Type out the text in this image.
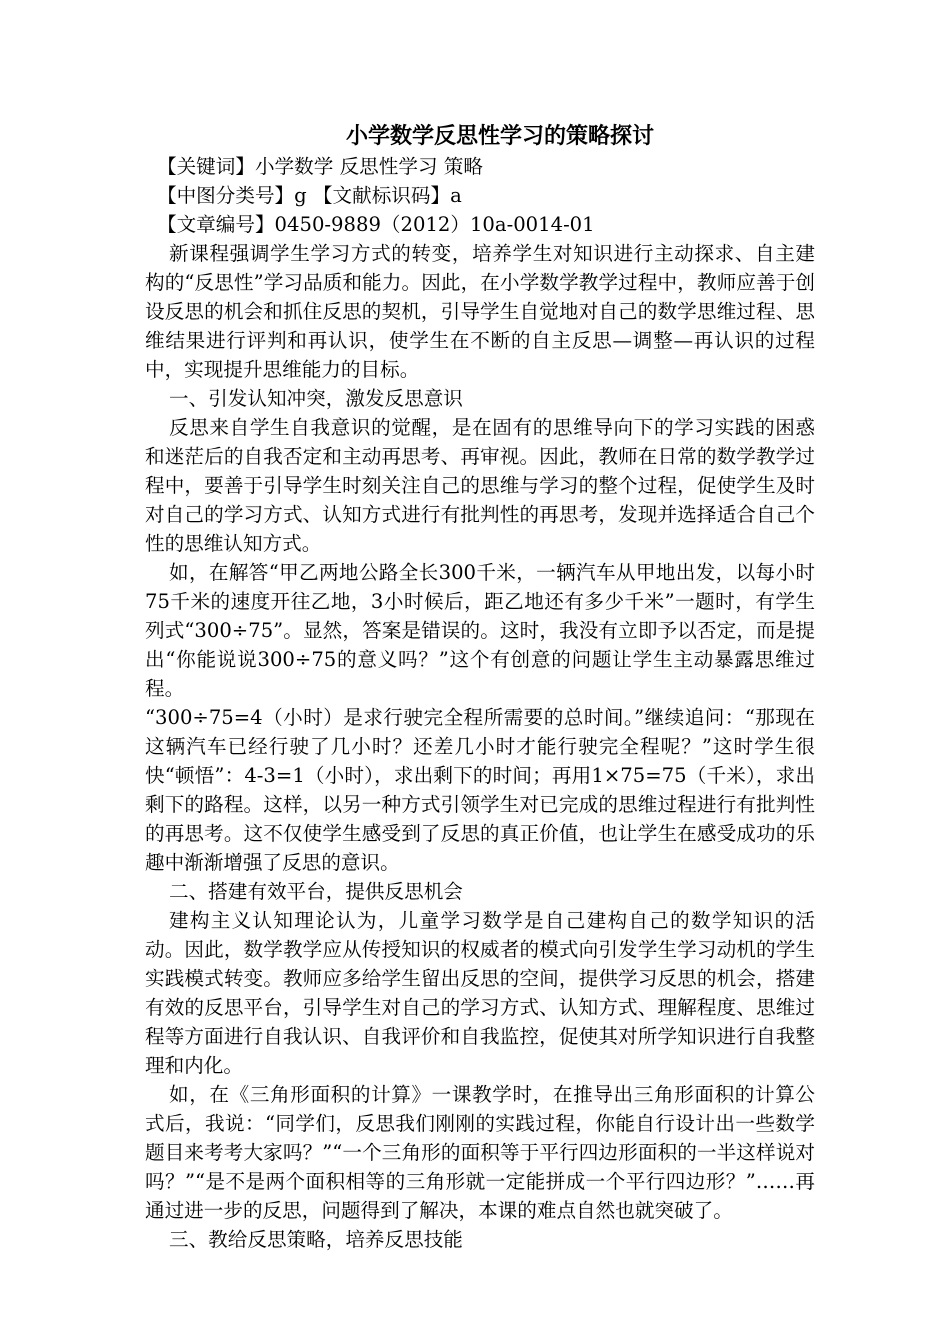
小学数学反思性学习的策略探讨

【关键词】小学数学 反思性学习 策略

【中图分类号】g 【文献标识码】a

【文章编号】0450-9889（2012）10a-0014-01

新课程强调学生学习方式的转变，培养学生对知识进行主动探求、自主建构的“反思性”学习品质和能力。因此，在小学数学教学过程中，教师应善于创设反思的机会和抓住反思的契机，引导学生自觉地对自己的数学思维过程、思维结果进行评判和再认识，使学生在不断的自主反思—调整—再认识的过程中，实现提升思维能力的目标。

一、引发认知冲突，激发反思意识

反思来自学生自我意识的觉醒，是在固有的思维导向下的学习实践的困惑和迷茫后的自我否定和主动再思考、再审视。因此，教师在日常的数学教学过程中，要善于引导学生时刻关注自己的思维与学习的整个过程，促使学生及时对自己的学习方式、认知方式进行有批判性的再思考，发现并选择适合自己个性的思维认知方式。

如，在解答“甲乙两地公路全长300千米，一辆汽车从甲地出发，以每小时75千米的速度开往乙地，3小时候后，距乙地还有多少千米”一题时，有学生列式“300÷75”。显然，答案是错误的。这时，我没有立即予以否定，而是提出“你能说说300÷75的意义吗？”这个有创意的问题让学生主动暴露思维过程。

“300÷75=4（小时）是求行驶完全程所需要的总时间。”继续追问：“那现在这辆汽车已经行驶了几小时？还差几小时才能行驶完全程呢？”这时学生很快“顿悟”：4-3=1（小时），求出剩下的时间；再用1×75=75（千米），求出剩下的路程。这样，以另一种方式引领学生对已完成的思维过程进行有批判性的再思考。这不仅使学生感受到了反思的真正价值，也让学生在感受成功的乐趣中渐渐增强了反思的意识。

二、搭建有效平台，提供反思机会

建构主义认知理论认为，儿童学习数学是自己建构自己的数学知识的活动。因此，数学教学应从传授知识的权威者的模式向引发学生学习动机的学生实践模式转变。教师应多给学生留出反思的空间，提供学习反思的机会，搭建有效的反思平台，引导学生对自己的学习方式、认知方式、理解程度、思维过程等方面进行自我认识、自我评价和自我监控，促使其对所学知识进行自我整理和内化。

如，在《三角形面积的计算》一课教学时，在推导出三角形面积的计算公式后，我说：“同学们，反思我们刚刚的实践过程，你能自行设计出一些数学题目来考考大家吗？”“一个三角形的面积等于平行四边形面积的一半这样说对吗？”“是不是两个面积相等的三角形就一定能拼成一个平行四边形？”……再通过进一步的反思，问题得到了解决，本课的难点自然也就突破了。

三、教给反思策略，培养反思技能
